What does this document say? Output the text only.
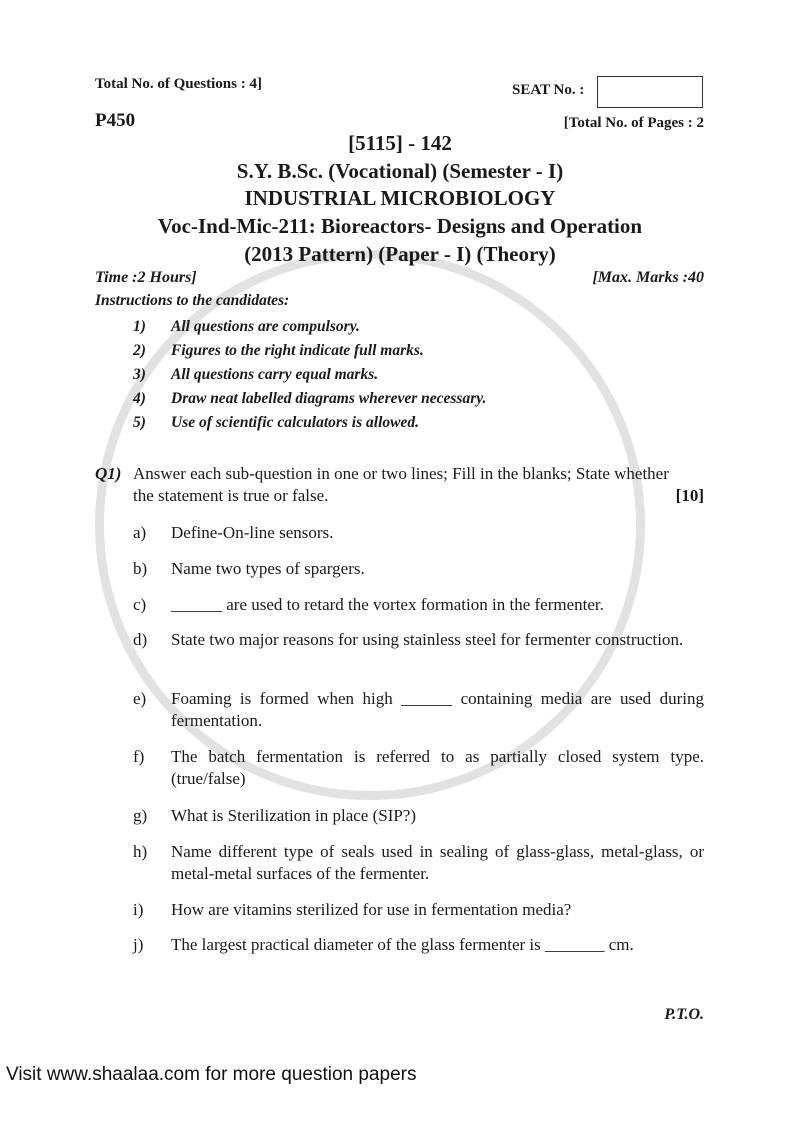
Total No. of Questions : 4]	SEAT No. :
P450	[Total No. of Pages : 2
[5115] - 142
S.Y. B.Sc. (Vocational) (Semester - I)
INDUSTRIAL MICROBIOLOGY
Voc-Ind-Mic-211: Bioreactors- Designs and Operation
(2013 Pattern) (Paper - I) (Theory)
Time :2 Hours]	[Max. Marks :40
Instructions to the candidates:
1) All questions are compulsory.
2) Figures to the right indicate full marks.
3) All questions carry equal marks.
4) Draw neat labelled diagrams wherever necessary.
5) Use of scientific calculators is allowed.
Q1) Answer each sub-question in one or two lines; Fill in the blanks; State whether
the statement is true or false.	[10]
a) Define-On-line sensors.
b) Name two types of spargers.
c) ______ are used to retard the vortex formation in the fermenter.
d) State two major reasons for using stainless steel for fermenter construction.
e) Foaming is formed when high ______ containing media are used during fermentation.
f) The batch fermentation is referred to as partially closed system type. (true/false)
g) What is Sterilization in place (SIP?)
h) Name different type of seals used in sealing of glass-glass, metal-glass, or metal-metal surfaces of the fermenter.
i) How are vitamins sterilized for use in fermentation media?
j) The largest practical diameter of the glass fermenter is _______ cm.
P.T.O.
Visit www.shaalaa.com for more question papers
